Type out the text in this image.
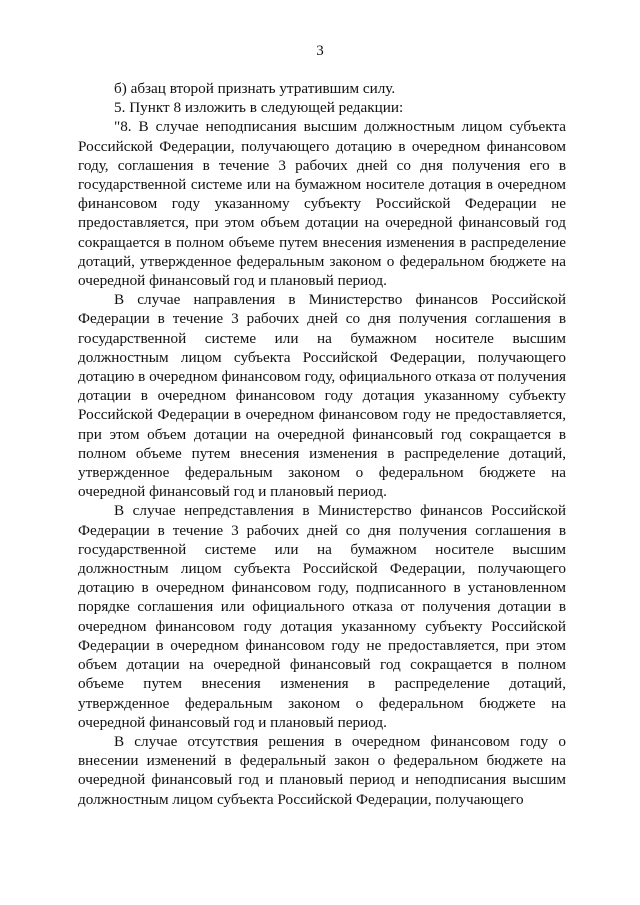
3

б) абзац второй признать утратившим силу.

5. Пункт 8 изложить в следующей редакции:

"8. В случае неподписания высшим должностным лицом субъекта Российской Федерации, получающего дотацию в очередном финансовом году, соглашения в течение 3 рабочих дней со дня получения его в государственной системе или на бумажном носителе дотация в очередном финансовом году указанному субъекту Российской Федерации не предоставляется, при этом объем дотации на очередной финансовый год сокращается в полном объеме путем внесения изменения в распределение дотаций, утвержденное федеральным законом о федеральном бюджете на очередной финансовый год и плановый период.

В случае направления в Министерство финансов Российской Федерации в течение 3 рабочих дней со дня получения соглашения в государственной системе или на бумажном носителе высшим должностным лицом субъекта Российской Федерации, получающего дотацию в очередном финансовом году, официального отказа от получения дотации в очередном финансовом году дотация указанному субъекту Российской Федерации в очередном финансовом году не предоставляется, при этом объем дотации на очередной финансовый год сокращается в полном объеме путем внесения изменения в распределение дотаций, утвержденное федеральным законом о федеральном бюджете на очередной финансовый год и плановый период.

В случае непредставления в Министерство финансов Российской Федерации в течение 3 рабочих дней со дня получения соглашения в государственной системе или на бумажном носителе высшим должностным лицом субъекта Российской Федерации, получающего дотацию в очередном финансовом году, подписанного в установленном порядке соглашения или официального отказа от получения дотации в очередном финансовом году дотация указанному субъекту Российской Федерации в очередном финансовом году не предоставляется, при этом объем дотации на очередной финансовый год сокращается в полном объеме путем внесения изменения в распределение дотаций, утвержденное федеральным законом о федеральном бюджете на очередной финансовый год и плановый период.

В случае отсутствия решения в очередном финансовом году о внесении изменений в федеральный закон о федеральном бюджете на очередной финансовый год и плановый период и неподписания высшим должностным лицом субъекта Российской Федерации, получающего
